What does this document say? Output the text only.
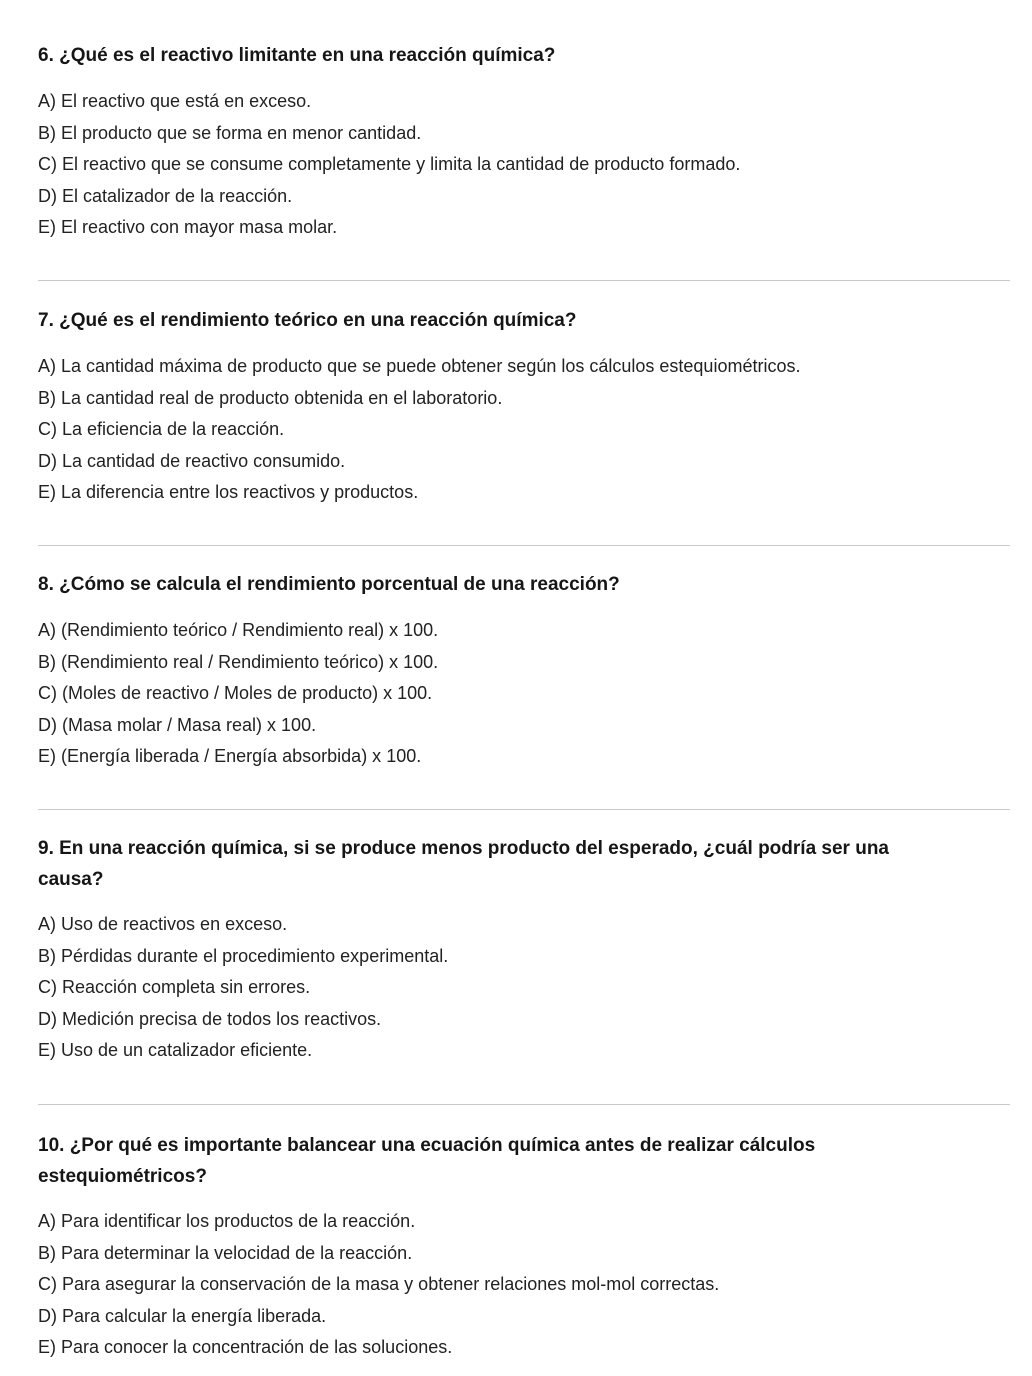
6. ¿Qué es el reactivo limitante en una reacción química?

A) El reactivo que está en exceso.
B) El producto que se forma en menor cantidad.
C) El reactivo que se consume completamente y limita la cantidad de producto formado.
D) El catalizador de la reacción.
E) El reactivo con mayor masa molar.

7. ¿Qué es el rendimiento teórico en una reacción química?

A) La cantidad máxima de producto que se puede obtener según los cálculos estequiométricos.
B) La cantidad real de producto obtenida en el laboratorio.
C) La eficiencia de la reacción.
D) La cantidad de reactivo consumido.
E) La diferencia entre los reactivos y productos.

8. ¿Cómo se calcula el rendimiento porcentual de una reacción?

A) (Rendimiento teórico / Rendimiento real) x 100.
B) (Rendimiento real / Rendimiento teórico) x 100.
C) (Moles de reactivo / Moles de producto) x 100.
D) (Masa molar / Masa real) x 100.
E) (Energía liberada / Energía absorbida) x 100.

9. En una reacción química, si se produce menos producto del esperado, ¿cuál podría ser una
causa?

A) Uso de reactivos en exceso.
B) Pérdidas durante el procedimiento experimental.
C) Reacción completa sin errores.
D) Medición precisa de todos los reactivos.
E) Uso de un catalizador eficiente.

10. ¿Por qué es importante balancear una ecuación química antes de realizar cálculos
estequiométricos?

A) Para identificar los productos de la reacción.
B) Para determinar la velocidad de la reacción.
C) Para asegurar la conservación de la masa y obtener relaciones mol-mol correctas.
D) Para calcular la energía liberada.
E) Para conocer la concentración de las soluciones.
